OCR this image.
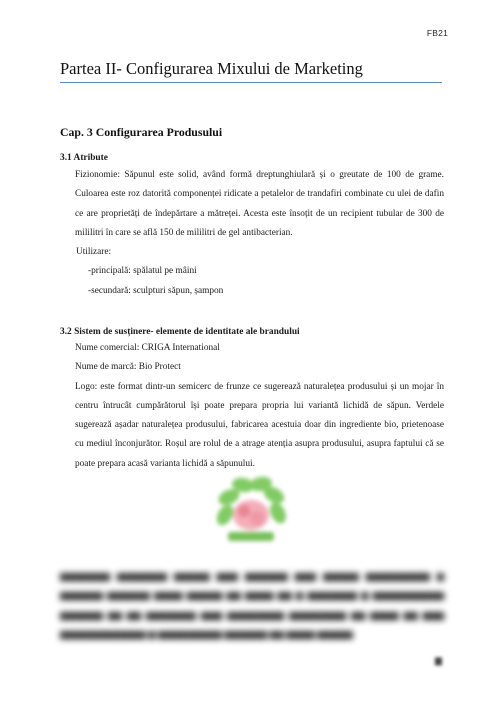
FB21
Partea II- Configurarea Mixului de Marketing
Cap. 3 Configurarea Produsului
3.1 Atribute
Fizionomie: Săpunul este solid, având formă dreptunghiulară și o greutate de 100 de grame. Culoarea este roz datorită componenței ridicate a petalelor de trandafiri combinate cu ulei de dafin ce are proprietăți de îndepărtare a mătreței. Acesta este însoțit de un recipient tubular de 300 de mililitri în care se află 150 de mililitri de gel antibacterian.
Utilizare:
-principală: spălatul pe mâini
-secundară: sculpturi săpun, șampon
3.2 Sistem de susținere- elemente de identitate ale brandului
Nume comercial: CRIGA International
Nume de marcă: Bio Protect
Logo: este format dintr-un semicerc de frunze ce sugerează naturalețea produsului și un mojar în centru întrucât cumpărătorul își poate prepara propria lui variantă lichidă de săpun. Verdele sugerează așadar naturalețea produsului, fabricarea acestuia doar din ingrediente bio, prietenoase cu mediul înconjurător. Roșul are rolul de a atrage atenția asupra produsului, asupra faptului că se poate prepara acasă varianta lichidă a săpunului.
▆▆▆▆▆▆▆ ▆▆▆▆▆▆▆ ▆▆▆▆▆ ▆▆▆ ▆▆▆▆▆▆ ▆▆▆ ▆▆▆▆▆ ▆▆▆▆▆▆▆▆▆ ▆ ▆▆▆▆▆▆ ▆▆▆▆▆▆ ▆▆▆▆ ▆▆▆▆▆ ▆▆ ▆▆▆▆ ▆▆ ▆ ▆▆▆▆▆▆▆ ▆ ▆▆▆▆▆▆▆▆▆▆ ▆▆▆▆▆▆ ▆▆ ▆▆ ▆▆▆▆▆▆▆ ▆▆▆ ▆▆▆▆▆▆▆▆ ▆▆▆▆▆▆▆▆ ▆▆ ▆▆▆▆ ▆▆ ▆▆▆ ▆▆▆▆▆▆▆▆▆▆▆▆ ▆ ▆▆▆▆▆▆▆▆▆ ▆▆▆▆▆▆ ▆▆ ▆▆▆▆ ▆▆▆▆▆
▆
